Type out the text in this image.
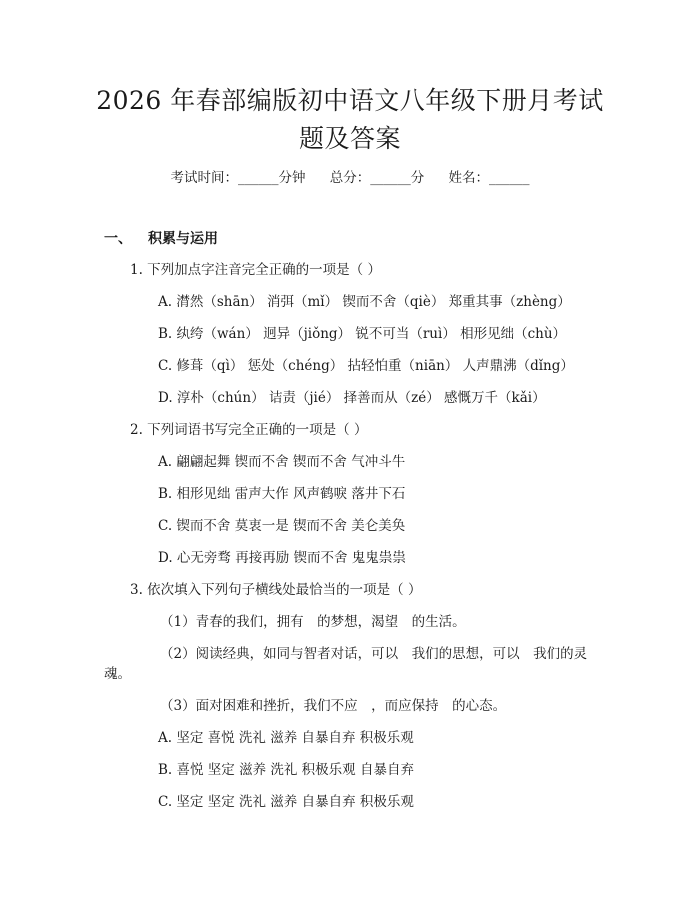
2026 年春部编版初中语文八年级下册月考试
题及答案
考试时间：______分钟 总分：______分 姓名：______
一、 积累与运用
1. 下列加点字注音完全正确的一项是（ ）
A. 潸然（shān） 消弭（mǐ） 锲而不舍（qiè） 郑重其事（zhèng）
B. 纨绔（wán） 迥异（jiǒng） 锐不可当（ruì） 相形见绌（chù）
C. 修葺（qì） 惩处（chéng） 拈轻怕重（niān） 人声鼎沸（dǐng）
D. 淳朴（chún） 诘责（jié） 择善而从（zé） 感慨万千（kǎi）
2. 下列词语书写完全正确的一项是（ ）
A. 翩翩起舞 锲而不舍 锲而不舍 气冲斗牛
B. 相形见绌 雷声大作 风声鹤唳 落井下石
C. 锲而不舍 莫衷一是 锲而不舍 美仑美奂
D. 心无旁骛 再接再励 锲而不舍 鬼鬼祟祟
3. 依次填入下列句子横线处最恰当的一项是（ ）
（1）青春的我们，拥有　的梦想，渴望　的生活。
（2）阅读经典，如同与智者对话，可以　我们的思想，可以　我们的灵
魂。
（3）面对困难和挫折，我们不应　，而应保持　的心态。
A. 坚定 喜悦 洗礼 滋养 自暴自弃 积极乐观
B. 喜悦 坚定 滋养 洗礼 积极乐观 自暴自弃
C. 坚定 坚定 洗礼 滋养 自暴自弃 积极乐观
